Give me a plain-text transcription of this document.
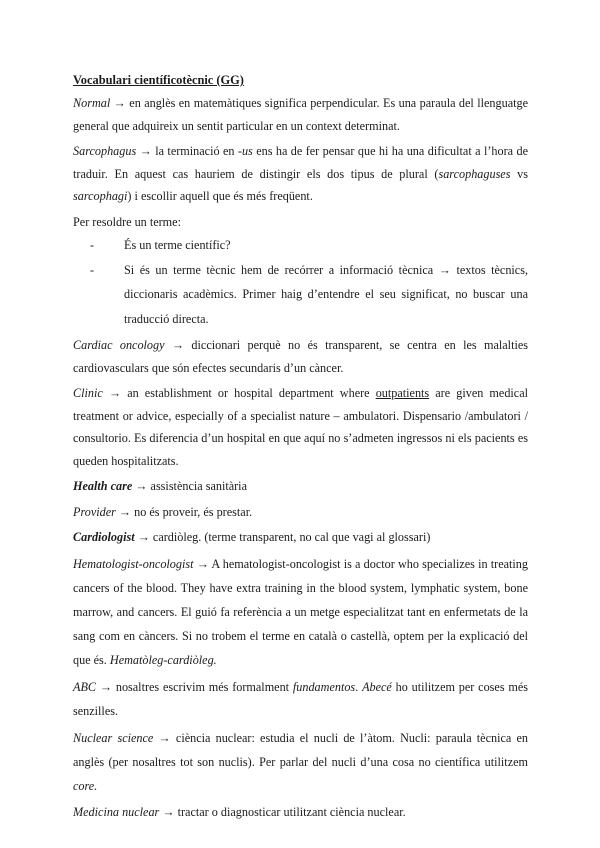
Vocabulari científicotècnic (GG)

Normal → en anglès en matemàtiques significa perpendicular. Es una paraula del llenguatge general que adquireix un sentit particular en un context determinat.

Sarcophagus → la terminació en -us ens ha de fer pensar que hi ha una dificultat a l’hora de traduir. En aquest cas hauriem de distingir els dos tipus de plural (sarcophaguses vs sarcophagi) i escollir aquell que és més freqüent.

Per resoldre un terme:

- És un terme científic?
- Si és un terme tècnic hem de recórrer a informació tècnica → textos tècnics, diccionaris acadèmics. Primer haig d’entendre el seu significat, no buscar una traducció directa.

Cardiac oncology → diccionari perquè no és transparent, se centra en les malalties cardiovasculars que són efectes secundaris d’un càncer.

Clinic → an establishment or hospital department where outpatients are given medical treatment or advice, especially of a specialist nature – ambulatori. Dispensario /ambulatori / consultorio. Es diferencia d’un hospital en que aquí no s’admeten ingressos ni els pacients es queden hospitalitzats.

Health care → assistència sanitària

Provider → no és proveir, és prestar.

Cardiologist → cardiòleg. (terme transparent, no cal que vagi al glossari)

Hematologist-oncologist → A hematologist-oncologist is a doctor who specializes in treating cancers of the blood. They have extra training in the blood system, lymphatic system, bone marrow, and cancers. El guió fa referència a un metge especialitzat tant en enfermetats de la sang com en càncers. Si no trobem el terme en català o castellà, optem per la explicació del que és. Hematòleg-cardiòleg.

ABC → nosaltres escrivim més formalment fundamentos. Abecé ho utilitzem per coses més senzilles.

Nuclear science → ciència nuclear: estudia el nucli de l’àtom. Nucli: paraula tècnica en anglès (per nosaltres tot son nuclis). Per parlar del nucli d’una cosa no científica utilitzem core.

Medicina nuclear → tractar o diagnosticar utilitzant ciència nuclear.
